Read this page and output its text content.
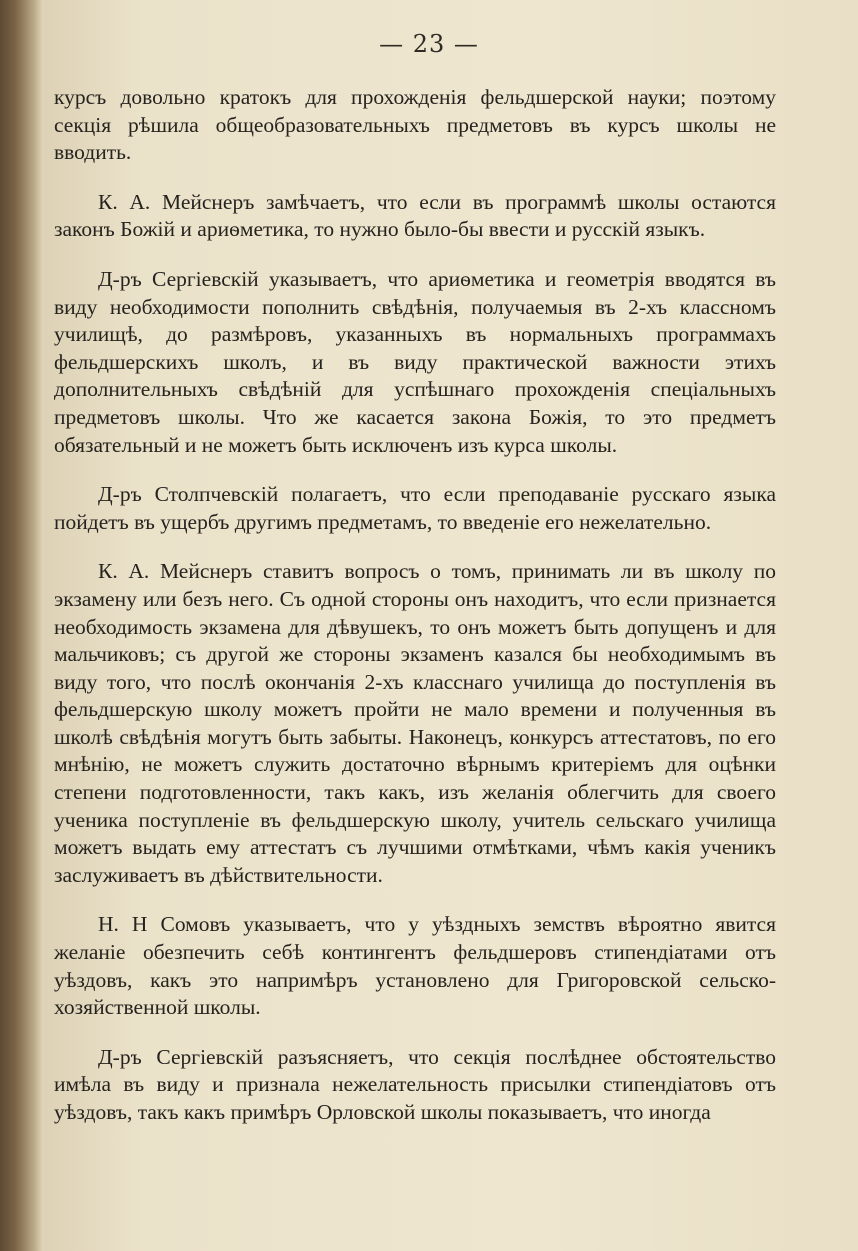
— 23 —

курсъ довольно кратокъ для прохожденія фельдшерской науки; поэтому секція рѣшила общеобразовательныхъ предметовъ въ курсъ школы не вводить.

К. А. Мейснеръ замѣчаетъ, что если въ программѣ школы остаются законъ Божій и ариѳметика, то нужно было-бы ввести и русскій языкъ.

Д-ръ Сергіевскій указываетъ, что ариѳметика и геометрія вводятся въ виду необходимости пополнить свѣдѣнія, получаемыя въ 2-хъ классномъ училищѣ, до размѣровъ, указанныхъ въ нормальныхъ программахъ фельдшерскихъ школъ, и въ виду практической важности этихъ дополнительныхъ свѣдѣній для успѣшнаго прохожденія спеціальныхъ предметовъ школы. Что же касается закона Божія, то это предметъ обязательный и не можетъ быть исключенъ изъ курса школы.

Д-ръ Столпчевскій полагаетъ, что если преподаваніе русскаго языка пойдетъ въ ущербъ другимъ предметамъ, то введеніе его нежелательно.

К. А. Мейснеръ ставитъ вопросъ о томъ, принимать ли въ школу по экзамену или безъ него. Съ одной стороны онъ находитъ, что если признается необходимость экзамена для дѣвушекъ, то онъ можетъ быть допущенъ и для мальчиковъ; съ другой же стороны экзаменъ казался бы необходимымъ въ виду того, что послѣ окончанія 2-хъ класснаго училища до поступленія въ фельдшерскую школу можетъ пройти не мало времени и полученныя въ школѣ свѣдѣнія могутъ быть забыты. Наконецъ, конкурсъ аттестатовъ, по его мнѣнію, не можетъ служить достаточно вѣрнымъ критеріемъ для оцѣнки степени подготовленности, такъ какъ, изъ желанія облегчить для своего ученика поступленіе въ фельдшерскую школу, учитель сельскаго училища можетъ выдать ему аттестатъ съ лучшими отмѣтками, чѣмъ какія ученикъ заслуживаетъ въ дѣйствительности.

Н. Н Сомовъ указываетъ, что у уѣздныхъ земствъ вѣроятно явится желаніе обезпечить себѣ контингентъ фельдшеровъ стипендіатами отъ уѣздовъ, какъ это напримѣръ установлено для Григоровской сельско-хозяйственной школы.

Д-ръ Сергіевскій разъясняетъ, что секція послѣднее обстоятельство имѣла въ виду и признала нежелательность присылки стипендіатовъ отъ уѣздовъ, такъ какъ примѣръ Орловской школы показываетъ, что иногда
